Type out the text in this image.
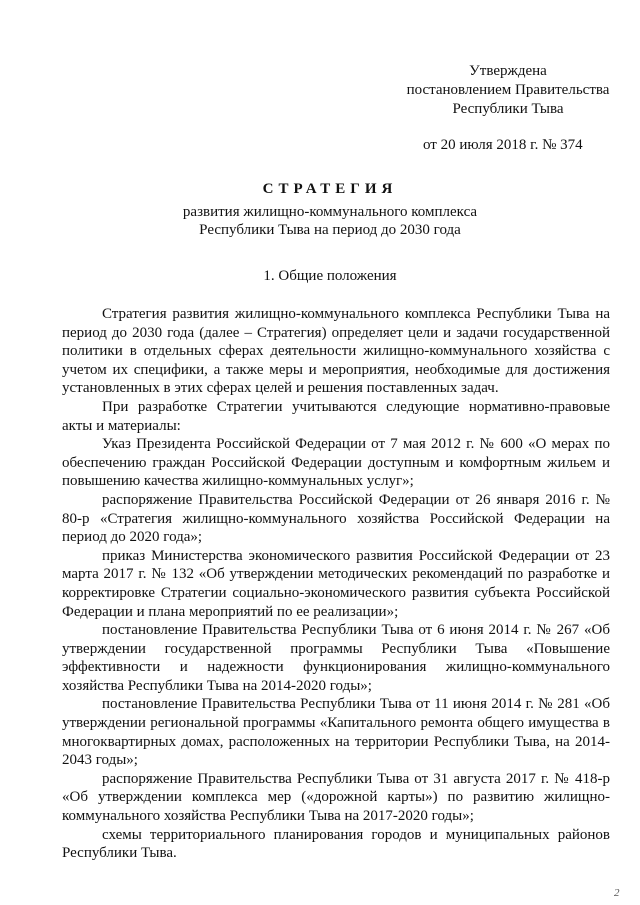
Утверждена
постановлением Правительства
Республики Тыва
от 20 июля 2018 г. № 374
СТРАТЕГИЯ
развития жилищно-коммунального комплекса
Республики Тыва на период до 2030 года
1. Общие положения

Стратегия развития жилищно-коммунального комплекса Республики Тыва на период до 2030 года (далее – Стратегия) определяет цели и задачи государственной политики в отдельных сферах деятельности жилищно-коммунального хозяйства с учетом их специфики, а также меры и мероприятия, необходимые для достижения установленных в этих сферах целей и решения поставленных задач.

При разработке Стратегии учитываются следующие нормативно-правовые акты и материалы:

Указ Президента Российской Федерации от 7 мая 2012 г. № 600 «О мерах по обеспечению граждан Российской Федерации доступным и комфортным жильем и повышению качества жилищно-коммунальных услуг»;

распоряжение Правительства Российской Федерации от 26 января 2016 г. № 80-р «Стратегия жилищно-коммунального хозяйства Российской Федерации на период до 2020 года»;

приказ Министерства экономического развития Российской Федерации от 23 марта 2017 г. № 132 «Об утверждении методических рекомендаций по разработке и корректировке Стратегии социально-экономического развития субъекта Российской Федерации и плана мероприятий по ее реализации»;

постановление Правительства Республики Тыва от 6 июня 2014 г. № 267 «Об утверждении государственной программы Республики Тыва «Повышение эффективности и надежности функционирования жилищно-коммунального хозяйства Республики Тыва на 2014-2020 годы»;

постановление Правительства Республики Тыва от 11 июня 2014 г. № 281 «Об утверждении региональной программы «Капитального ремонта общего имущества в многоквартирных домах, расположенных на территории Республики Тыва, на 2014-2043 годы»;

распоряжение Правительства Республики Тыва от 31 августа 2017 г. № 418-р «Об утверждении комплекса мер («дорожной карты») по развитию жилищно-коммунального хозяйства Республики Тыва на 2017-2020 годы»;

схемы территориального планирования городов и муниципальных районов Республики Тыва.

2
